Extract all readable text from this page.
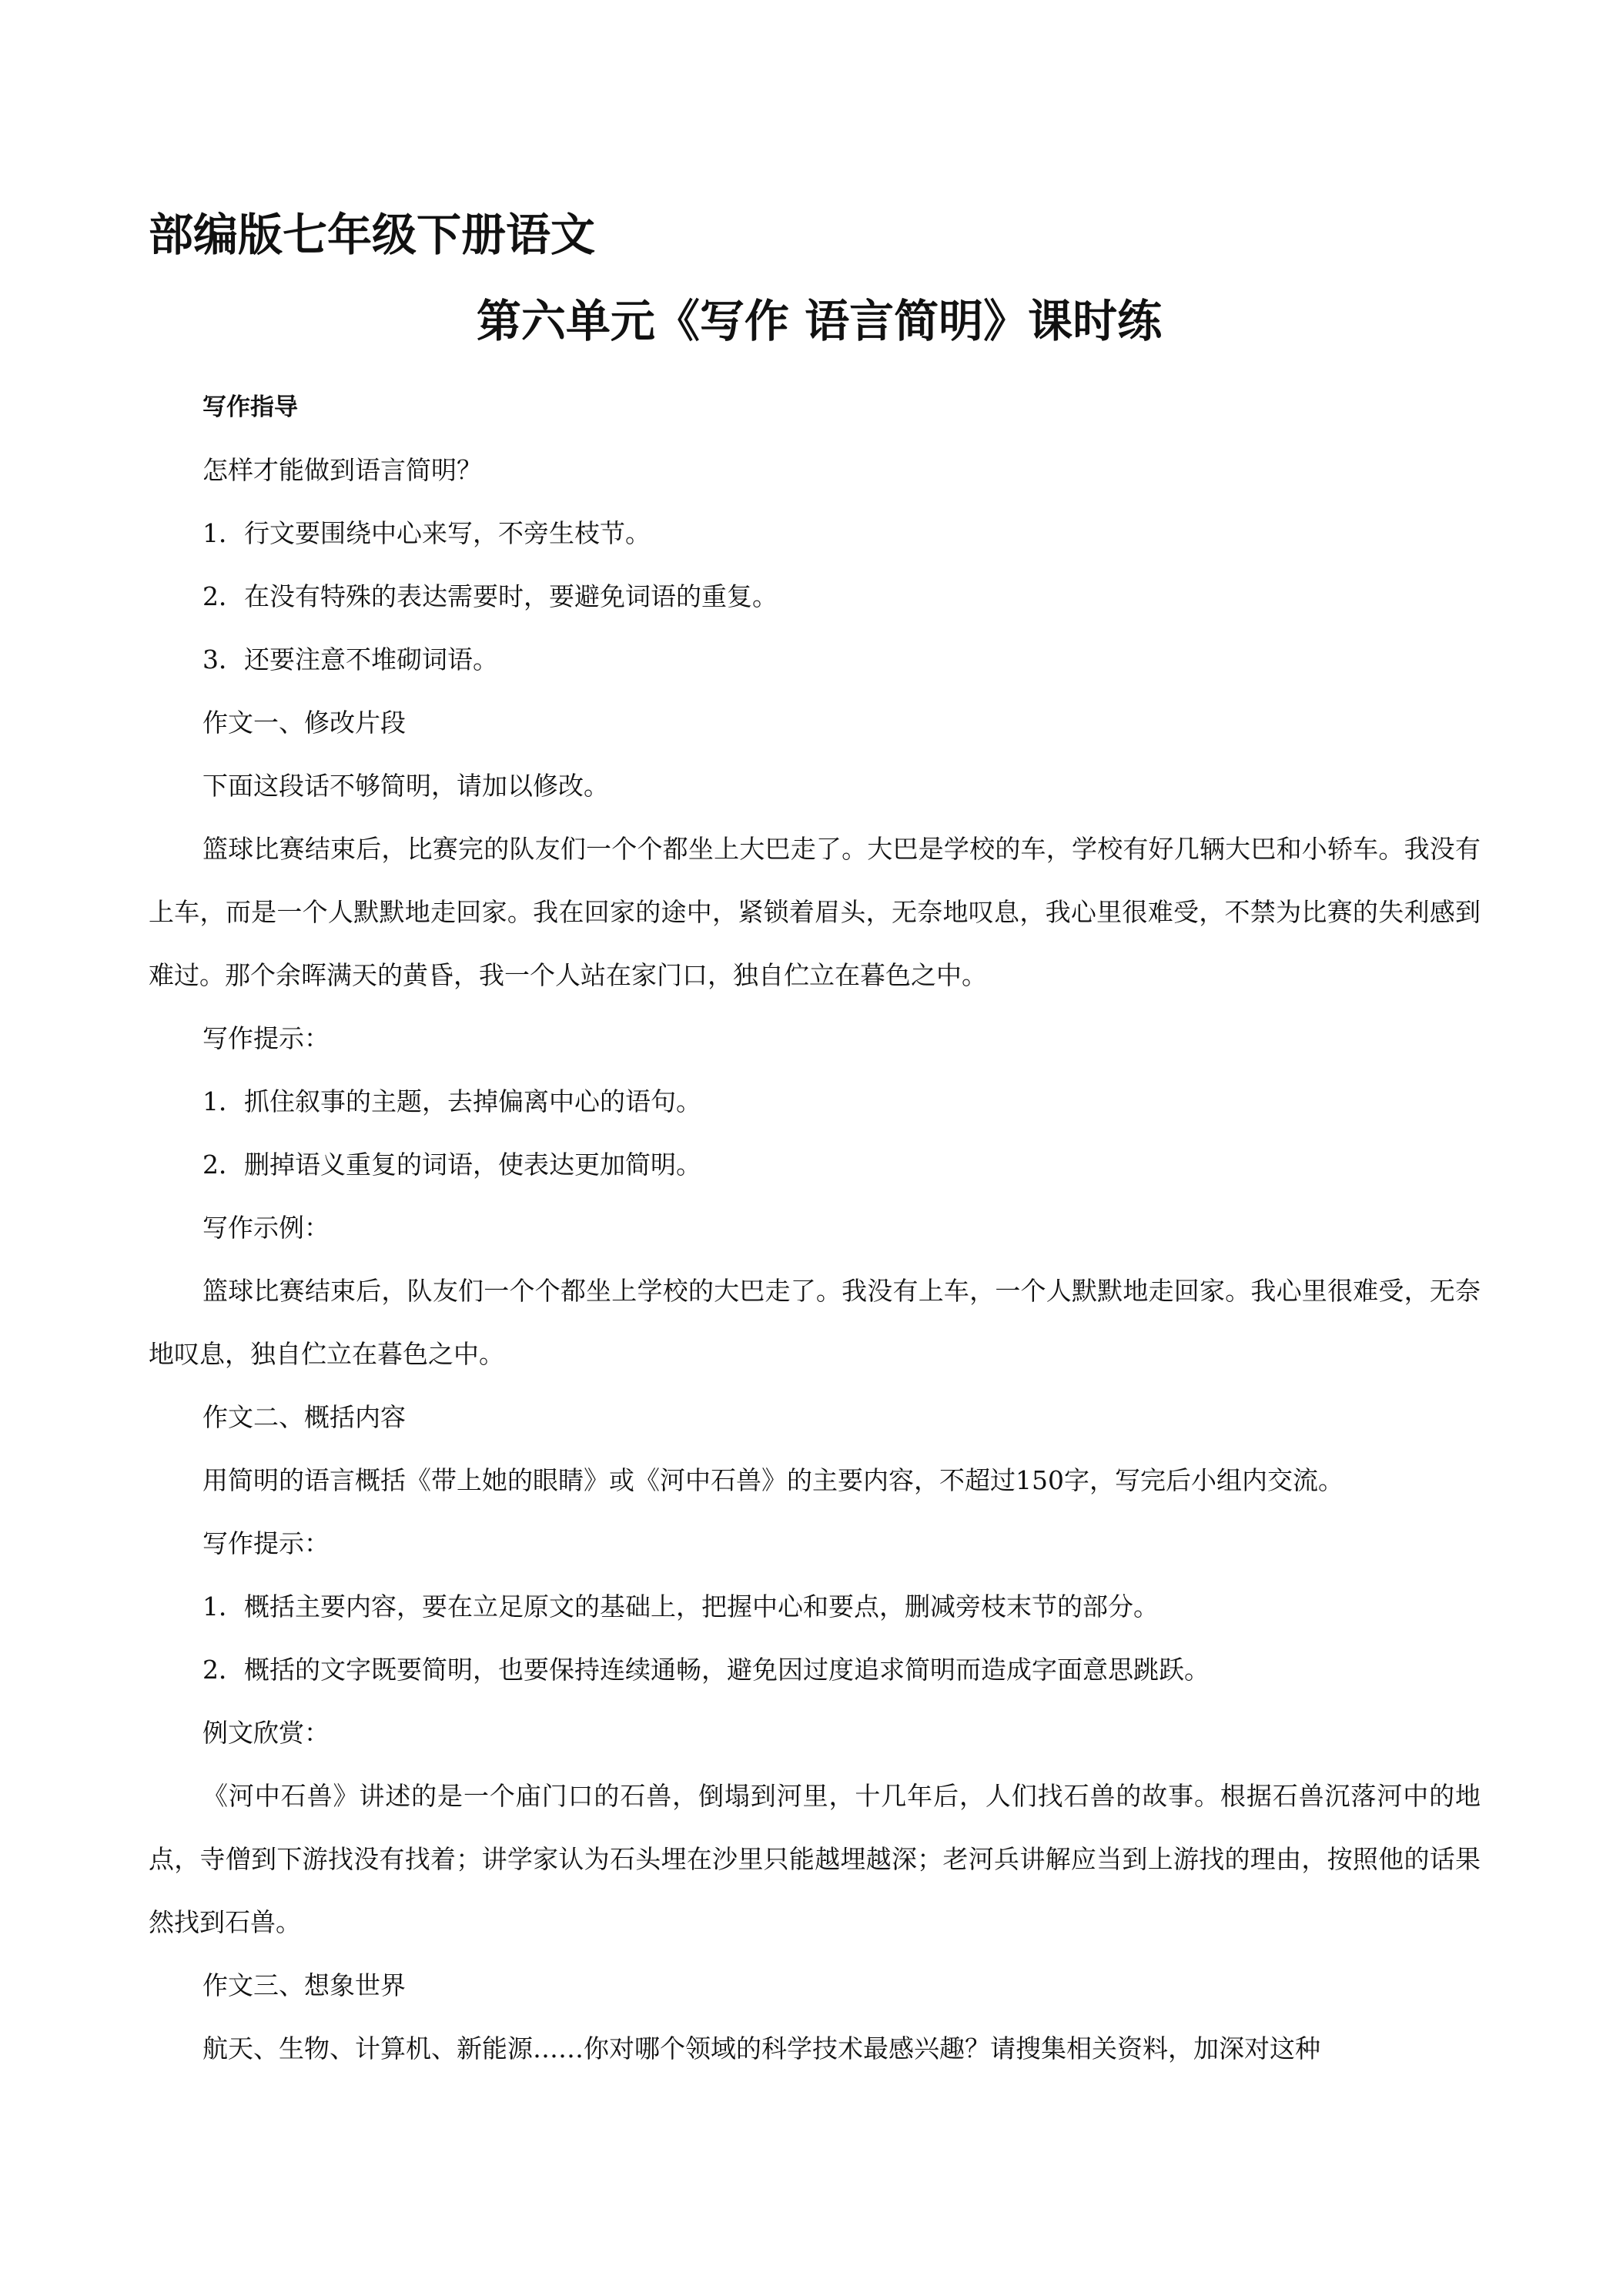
部编版七年级下册语文
第六单元《写作 语言简明》课时练

写作指导

怎样才能做到语言简明？

1．行文要围绕中心来写，不旁生枝节。

2．在没有特殊的表达需要时，要避免词语的重复。

3．还要注意不堆砌词语。

作文一、修改片段

下面这段话不够简明，请加以修改。

篮球比赛结束后，比赛完的队友们一个个都坐上大巴走了。大巴是学校的车，学校有好几辆大巴和小轿车。我没有上车，而是一个人默默地走回家。我在回家的途中，紧锁着眉头，无奈地叹息，我心里很难受，不禁为比赛的失利感到难过。那个余晖满天的黄昏，我一个人站在家门口，独自伫立在暮色之中。

写作提示：

1．抓住叙事的主题，去掉偏离中心的语句。

2．删掉语义重复的词语，使表达更加简明。

写作示例：

篮球比赛结束后，队友们一个个都坐上学校的大巴走了。我没有上车，一个人默默地走回家。我心里很难受，无奈地叹息，独自伫立在暮色之中。

作文二、概括内容

用简明的语言概括《带上她的眼睛》或《河中石兽》的主要内容，不超过150字，写完后小组内交流。

写作提示：

1．概括主要内容，要在立足原文的基础上，把握中心和要点，删减旁枝末节的部分。

2．概括的文字既要简明，也要保持连续通畅，避免因过度追求简明而造成字面意思跳跃。

例文欣赏：

《河中石兽》讲述的是一个庙门口的石兽，倒塌到河里，十几年后，人们找石兽的故事。根据石兽沉落河中的地点，寺僧到下游找没有找着；讲学家认为石头埋在沙里只能越埋越深；老河兵讲解应当到上游找的理由，按照他的话果然找到石兽。

作文三、想象世界

航天、生物、计算机、新能源……你对哪个领域的科学技术最感兴趣？请搜集相关资料，加深对这种
